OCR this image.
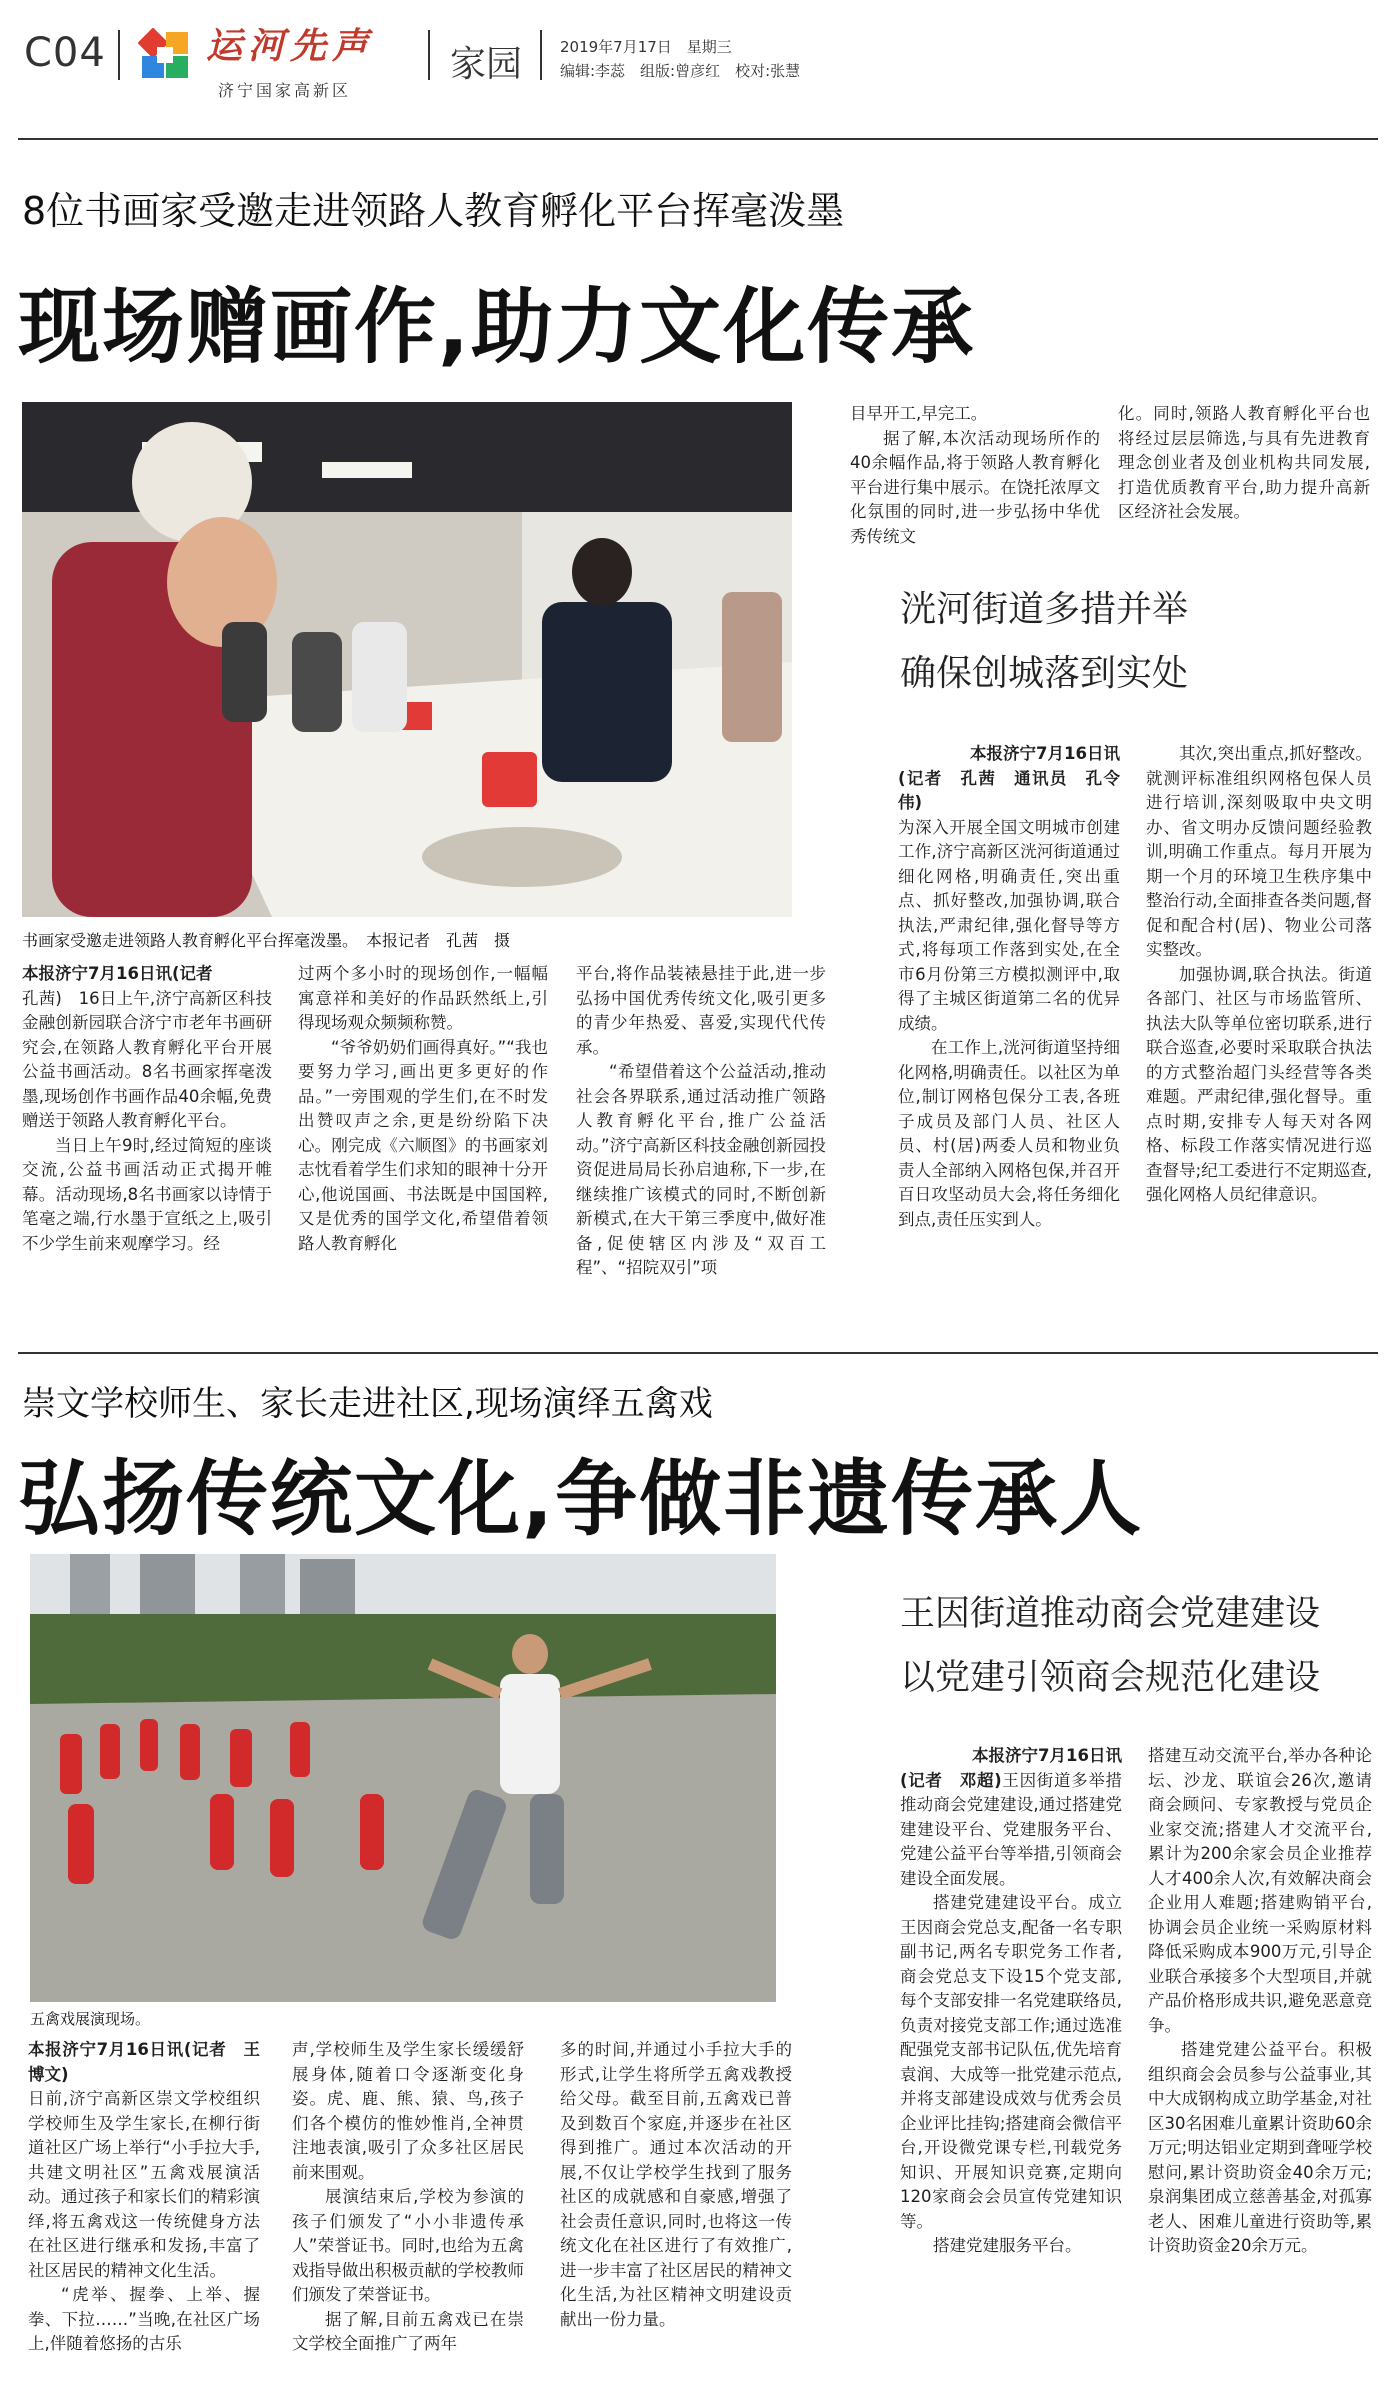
C04	运河先声
济宁国家高新区
家园	2019年7月17日　星期三
编辑:李蕊　组版:曾彦红　校对:张慧
8位书画家受邀走进领路人教育孵化平台挥毫泼墨
现场赠画作,助力文化传承
书画家受邀走进领路人教育孵化平台挥毫泼墨。　本报记者　孔茜　摄

本报济宁7月16日讯(记者

孔茜)　16日上午,济宁高新区科技金融创新园联合济宁市老年书画研究会,在领路人教育孵化平台开展公益书画活动。8名书画家挥毫泼墨,现场创作书画作品40余幅,免费赠送于领路人教育孵化平台。

当日上午9时,经过简短的座谈交流,公益书画活动正式揭开帷幕。活动现场,8名书画家以诗情于笔毫之端,行水墨于宣纸之上,吸引不少学生前来观摩学习。经

过两个多小时的现场创作,一幅幅寓意祥和美好的作品跃然纸上,引得现场观众频频称赞。

“爷爷奶奶们画得真好。”“我也要努力学习,画出更多更好的作品。”一旁围观的学生们,在不时发出赞叹声之余,更是纷纷陷下决心。刚完成《六顺图》的书画家刘志忱看着学生们求知的眼神十分开心,他说国画、书法既是中国国粹,又是优秀的国学文化,希望借着领路人教育孵化

平台,将作品装裱悬挂于此,进一步弘扬中国优秀传统文化,吸引更多的青少年热爱、喜爱,实现代代传承。

“希望借着这个公益活动,推动社会各界联系,通过活动推广领路人教育孵化平台,推广公益活动。”济宁高新区科技金融创新园投资促进局局长孙启迪称,下一步,在继续推广该模式的同时,不断创新新模式,在大干第三季度中,做好准备,促使辖区内涉及“双百工程”、“招院双引”项

目早开工,早完工。

据了解,本次活动现场所作的40余幅作品,将于领路人教育孵化平台进行集中展示。在饶托浓厚文化氛围的同时,进一步弘扬中华优秀传统文

化。同时,领路人教育孵化平台也将经过层层筛选,与具有先进教育理念创业者及创业机构共同发展,打造优质教育平台,助力提升高新区经济社会发展。

洸河街道多措并举
确保创城落到实处

本报济宁7月16日讯

(记者　孔茜　通讯员　孔令伟)

为深入开展全国文明城市创建工作,济宁高新区洸河街道通过细化网格,明确责任,突出重点、抓好整改,加强协调,联合执法,严肃纪律,强化督导等方式,将每项工作落到实处,在全市6月份第三方模拟测评中,取得了主城区街道第二名的优异成绩。

在工作上,洸河街道坚持细化网格,明确责任。以社区为单位,制订网格包保分工表,各班子成员及部门人员、社区人员、村(居)两委人员和物业负责人全部纳入网格包保,并召开百日攻坚动员大会,将任务细化到点,责任压实到人。

其次,突出重点,抓好整改。就测评标准组织网格包保人员进行培训,深刻吸取中央文明办、省文明办反馈问题经验教训,明确工作重点。每月开展为期一个月的环境卫生秩序集中整治行动,全面排查各类问题,督促和配合村(居)、物业公司落实整改。

加强协调,联合执法。街道各部门、社区与市场监管所、执法大队等单位密切联系,进行联合巡查,必要时采取联合执法的方式整治超门头经营等各类难题。严肃纪律,强化督导。重点时期,安排专人每天对各网格、标段工作落实情况进行巡查督导;纪工委进行不定期巡查,强化网格人员纪律意识。

崇文学校师生、家长走进社区,现场演绎五禽戏
弘扬传统文化,争做非遗传承人
五禽戏展演现场。

本报济宁7月16日讯(记者　王博文)

日前,济宁高新区崇文学校组织学校师生及学生家长,在柳行街道社区广场上举行“小手拉大手,共建文明社区”五禽戏展演活动。通过孩子和家长们的精彩演绎,将五禽戏这一传统健身方法在社区进行继承和发扬,丰富了社区居民的精神文化生活。

“虎举、握拳、上举、握拳、下拉……”当晚,在社区广场上,伴随着悠扬的古乐

声,学校师生及学生家长缓缓舒展身体,随着口令逐渐变化身姿。虎、鹿、熊、猿、鸟,孩子们各个模仿的惟妙惟肖,全神贯注地表演,吸引了众多社区居民前来围观。

展演结束后,学校为参演的孩子们颁发了“小小非遗传承人”荣誉证书。同时,也给为五禽戏指导做出积极贡献的学校教师们颁发了荣誉证书。

据了解,目前五禽戏已在崇文学校全面推广了两年

多的时间,并通过小手拉大手的形式,让学生将所学五禽戏教授给父母。截至目前,五禽戏已普及到数百个家庭,并逐步在社区得到推广。通过本次活动的开展,不仅让学校学生找到了服务社区的成就感和自豪感,增强了社会责任意识,同时,也将这一传统文化在社区进行了有效推广,进一步丰富了社区居民的精神文化生活,为社区精神文明建设贡献出一份力量。

王因街道推动商会党建建设
以党建引领商会规范化建设

本报济宁7月16日讯

(记者　邓超)王因街道多举措推动商会党建建设,通过搭建党建建设平台、党建服务平台、党建公益平台等举措,引领商会建设全面发展。

搭建党建建设平台。成立王因商会党总支,配备一名专职副书记,两名专职党务工作者,商会党总支下设15个党支部,每个支部安排一名党建联络员,负责对接党支部工作;通过选准配强党支部书记队伍,优先培育袁润、大成等一批党建示范点,并将支部建设成效与优秀会员企业评比挂钩;搭建商会微信平台,开设微党课专栏,刊载党务知识、开展知识竞赛,定期向120家商会会员宣传党建知识等。

搭建党建服务平台。

搭建互动交流平台,举办各种论坛、沙龙、联谊会26次,邀请商会顾问、专家教授与党员企业家交流;搭建人才交流平台,累计为200余家会员企业推荐人才400余人次,有效解决商会企业用人难题;搭建购销平台,协调会员企业统一采购原材料降低采购成本900万元,引导企业联合承接多个大型项目,并就产品价格形成共识,避免恶意竞争。

搭建党建公益平台。积极组织商会会员参与公益事业,其中大成钢构成立助学基金,对社区30名困难儿童累计资助60余万元;明达铝业定期到聋哑学校慰问,累计资助资金40余万元;泉润集团成立慈善基金,对孤寡老人、困难儿童进行资助等,累计资助资金20余万元。
